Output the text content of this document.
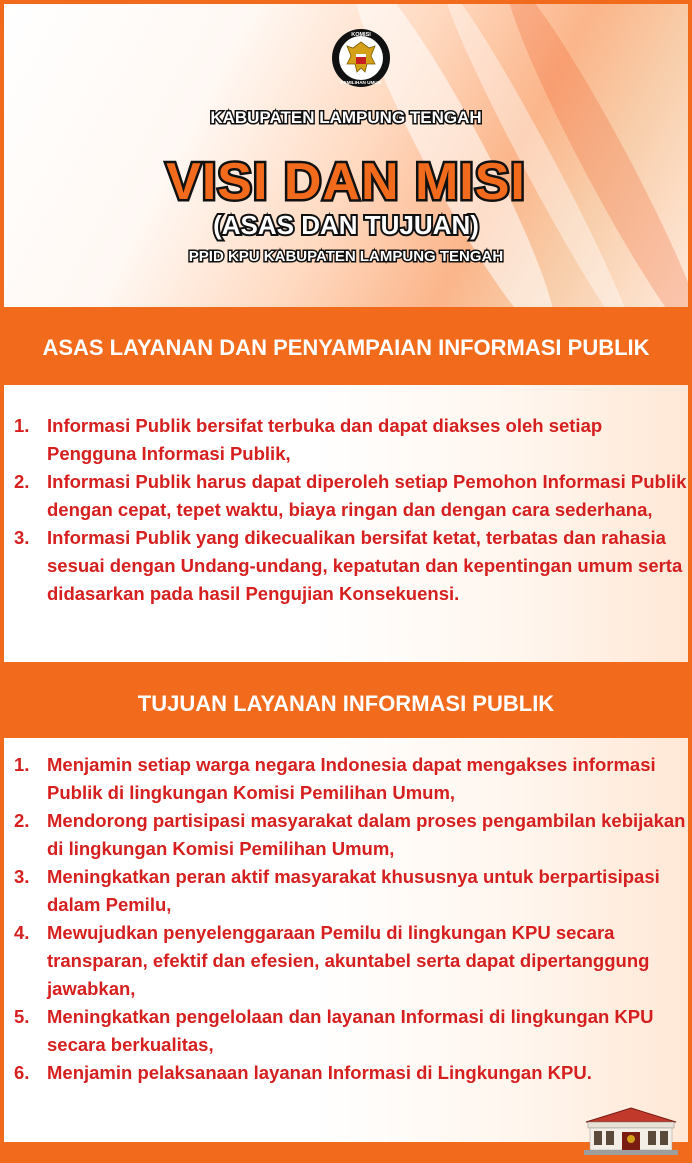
KOMISI
PEMILIHAN UMUM
KABUPATEN LAMPUNG TENGAH
VISI DAN MISI
(ASAS DAN TUJUAN)
PPID KPU KABUPATEN LAMPUNG TENGAH
ASAS LAYANAN DAN PENYAMPAIAN INFORMASI PUBLIK
1. Informasi Publik bersifat terbuka dan dapat diakses oleh setiap Pengguna Informasi Publik,
2. Informasi Publik harus dapat diperoleh setiap Pemohon Informasi Publik dengan cepat, tepet waktu, biaya ringan dan dengan cara sederhana,
3. Informasi Publik yang dikecualikan bersifat ketat, terbatas dan rahasia sesuai dengan Undang-undang, kepatutan dan kepentingan umum serta didasarkan pada hasil Pengujian Konsekuensi.
TUJUAN LAYANAN INFORMASI PUBLIK
1. Menjamin setiap warga negara Indonesia dapat mengakses informasi Publik di lingkungan Komisi Pemilihan Umum,
2. Mendorong partisipasi masyarakat dalam proses pengambilan kebijakan di lingkungan Komisi Pemilihan Umum,
3. Meningkatkan peran aktif masyarakat khususnya untuk berpartisipasi dalam Pemilu,
4. Mewujudkan penyelenggaraan Pemilu di lingkungan KPU secara transparan, efektif dan efesien, akuntabel serta dapat dipertanggung jawabkan,
5. Meningkatkan pengelolaan dan layanan Informasi di lingkungan KPU secara berkualitas,
6. Menjamin pelaksanaan layanan Informasi di Lingkungan KPU.
